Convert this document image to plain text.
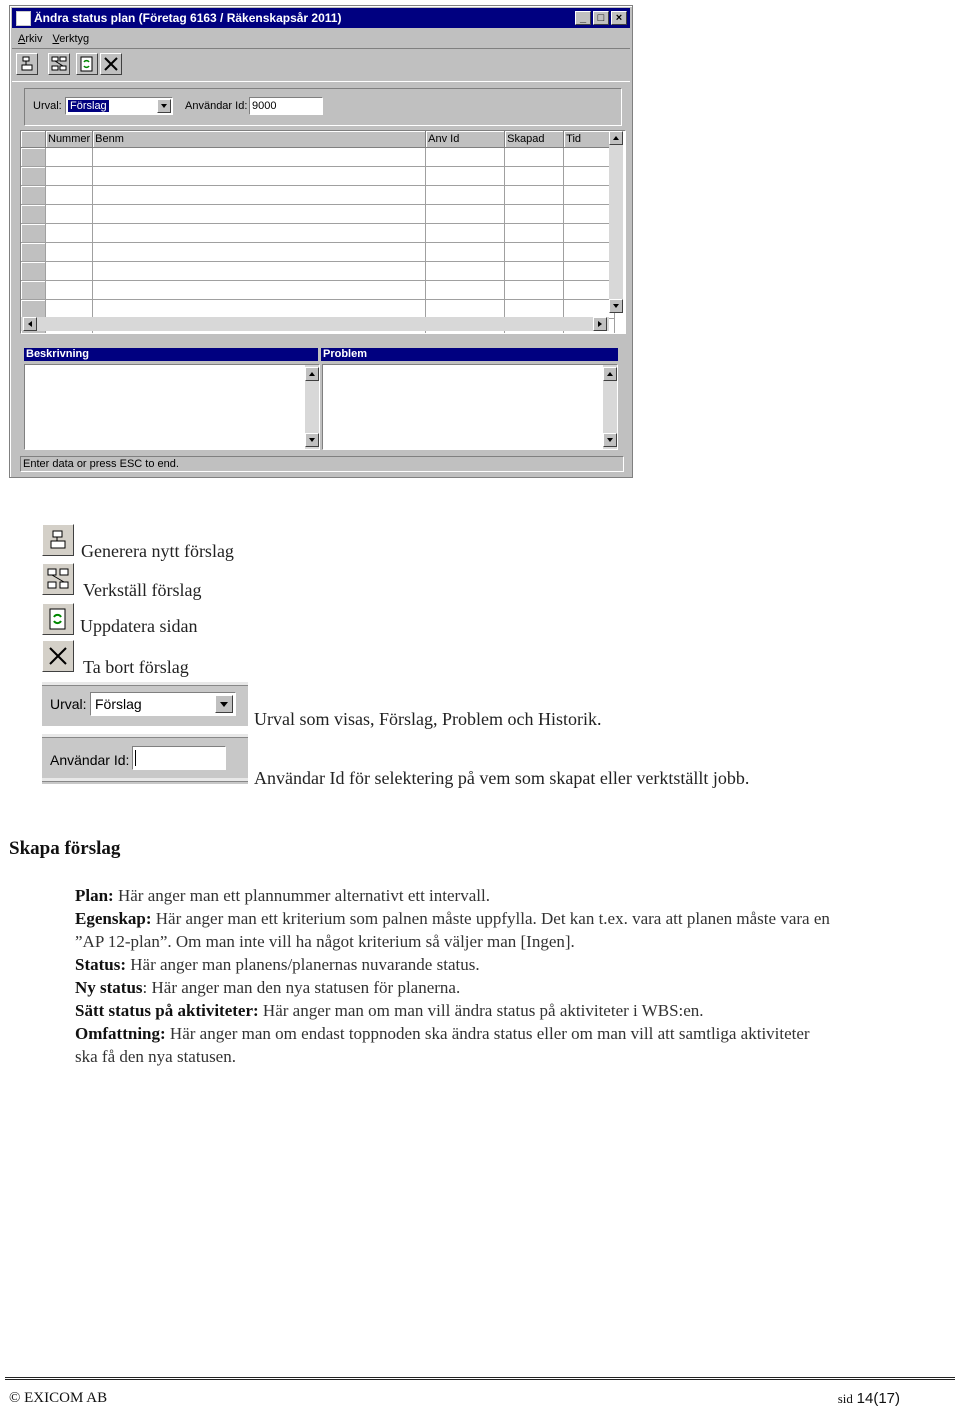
Ändra status plan (Företag 6163 / Räkenskapsår 2011)	_	□	×
Arkiv Verktyg
Urval: Förslag	Användar Id: 9000
	Nummer	Benm	Anv Id	Skapad	Tid

Beskrivning	Problem
Enter data or press ESC to end.
Generera nytt förslag
Verkställ förslag
Uppdatera sidan
Ta bort förslag
Urval: Förslag
Urval som visas, Förslag, Problem och Historik.
Användar Id:
Användar Id för selektering på vem som skapat eller verktställt jobb.
Skapa förslag
Plan: Här anger man ett plannummer alternativt ett intervall.
Egenskap: Här anger man ett kriterium som palnen måste uppfylla. Det kan t.ex. vara att planen måste vara en ”AP 12-plan”. Om man inte vill ha något kriterium så väljer man [Ingen].
Status: Här anger man planens/planernas nuvarande status.
Ny status: Här anger man den nya statusen för planerna.
Sätt status på aktiviteter: Här anger man om man vill ändra status på aktiviteter i WBS:en.
Omfattning: Här anger man om endast toppnoden ska ändra status eller om man vill att samtliga aktiviteter ska få den nya statusen.
© EXICOM AB	sid 14(17)
